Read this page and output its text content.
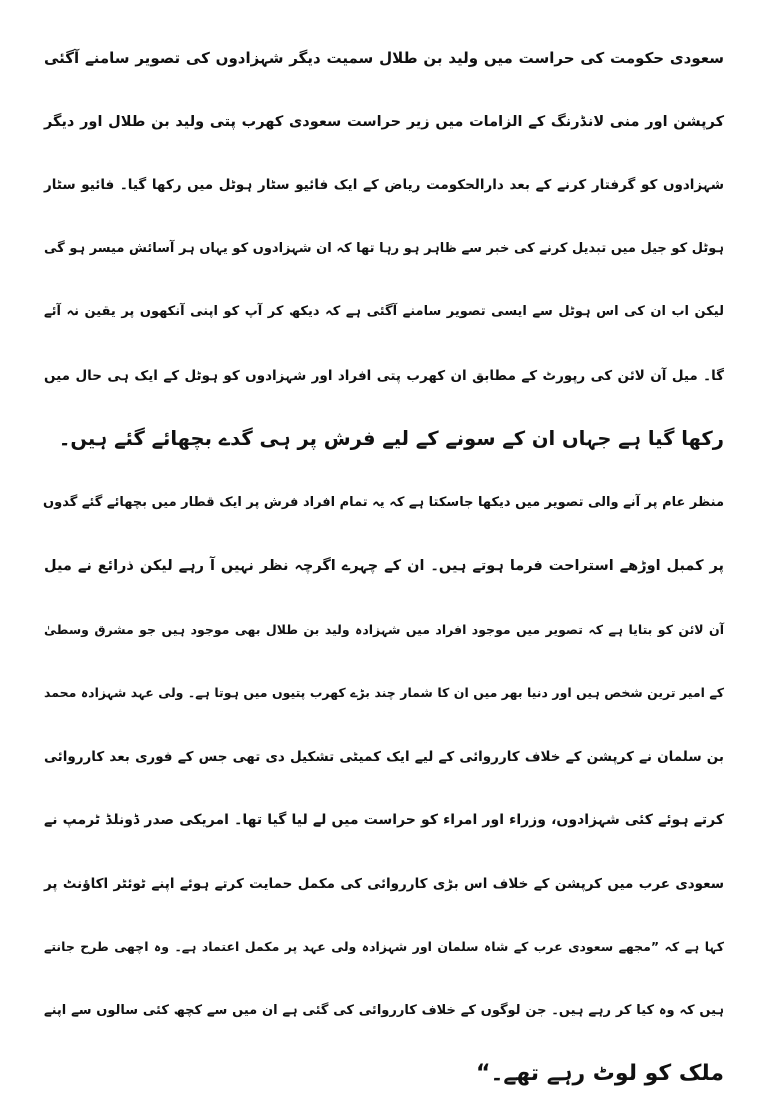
سعودی حکومت کی حراست میں ولید بن طلال سمیت دیگر شہزادوں کی تصویر سامنے آگئی
کرپشن اور منی لانڈرنگ کے الزامات میں زیر حراست سعودی کھرب پتی ولید بن طلال اور دیگر
شہزادوں کو گرفتار کرنے کے بعد دارالحکومت ریاض کے ایک فائیو سٹار ہوٹل میں رکھا گیا۔ فائیو سٹار
ہوٹل کو جیل میں تبدیل کرنے کی خبر سے ظاہر ہو رہا تھا کہ ان شہزادوں کو یہاں ہر آسائش میسر ہو گی
لیکن اب ان کی اس ہوٹل سے ایسی تصویر سامنے آگئی ہے کہ دیکھ کر آپ کو اپنی آنکھوں پر یقین نہ آئے
گا۔ میل آن لائن کی رپورٹ کے مطابق ان کھرب پتی افراد اور شہزادوں کو ہوٹل کے ایک ہی حال میں
رکھا گیا ہے جہاں ان کے سونے کے لیے فرش پر ہی گدے بچھائے گئے ہیں۔
منظر عام پر آنے والی تصویر میں دیکھا جاسکتا ہے کہ یہ تمام افراد فرش پر ایک قطار میں بچھائے گئے گدوں
پر کمبل اوڑھے استراحت فرما ہوتے ہیں۔ ان کے چہرے اگرچہ نظر نہیں آ رہے لیکن ذرائع نے میل
آن لائن کو بتایا ہے کہ تصویر میں موجود افراد میں شہزادہ ولید بن طلال بھی موجود ہیں جو مشرق وسطیٰ
کے امیر ترین شخص ہیں اور دنیا بھر میں ان کا شمار چند بڑے کھرب پتیوں میں ہوتا ہے۔ ولی عہد شہزادہ محمد
بن سلمان نے کرپشن کے خلاف کارروائی کے لیے ایک کمیٹی تشکیل دی تھی جس کے فوری بعد کارروائی
کرتے ہوئے کئی شہزادوں، وزراء اور امراء کو حراست میں لے لیا گیا تھا۔ امریکی صدر ڈونلڈ ٹرمپ نے
سعودی عرب میں کرپشن کے خلاف اس بڑی کارروائی کی مکمل حمایت کرتے ہوئے اپنے ٹوئٹر اکاؤنٹ پر
کہا ہے کہ ”مجھے سعودی عرب کے شاہ سلمان اور شہزادہ ولی عہد پر مکمل اعتماد ہے۔ وہ اچھی طرح جانتے
ہیں کہ وہ کیا کر رہے ہیں۔ جن لوگوں کے خلاف کارروائی کی گئی ہے ان میں سے کچھ کئی سالوں سے اپنے
ملک کو لوٹ رہے تھے۔“
